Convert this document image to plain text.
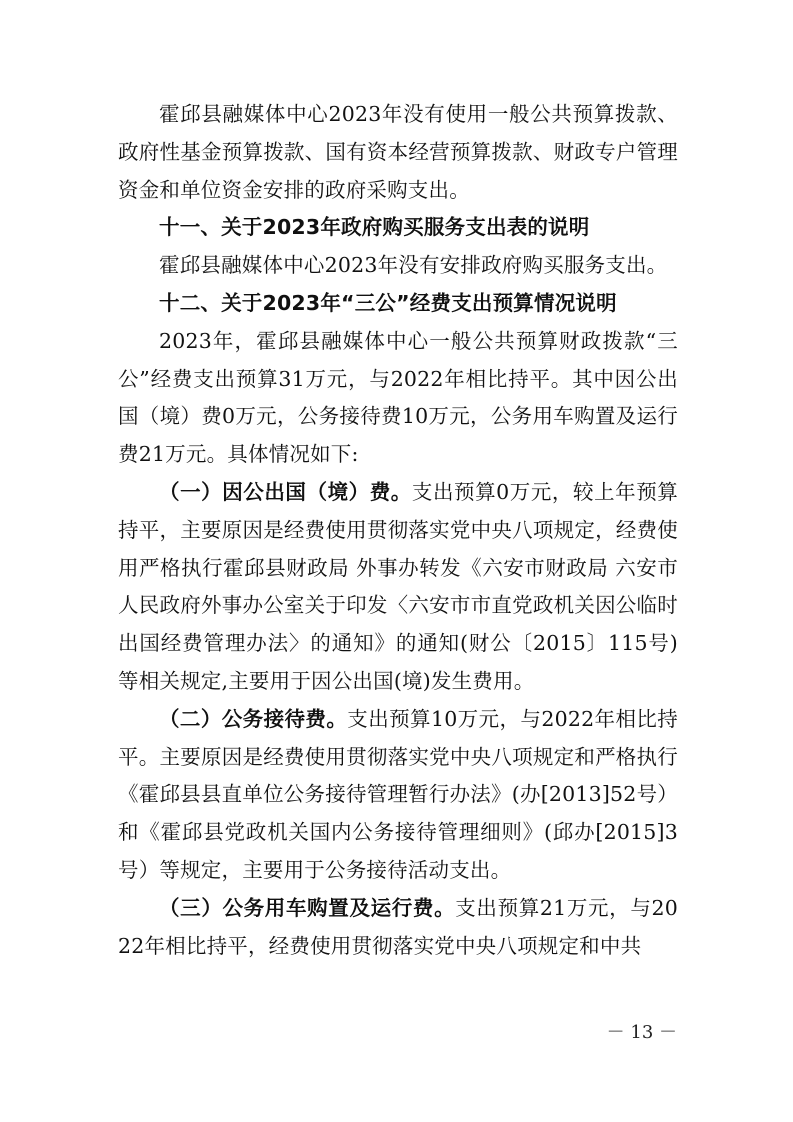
霍邱县融媒体中心2023年没有使用一般公共预算拨款、政府性基金预算拨款、国有资本经营预算拨款、财政专户管理资金和单位资金安排的政府采购支出。

十一、关于2023年政府购买服务支出表的说明

霍邱县融媒体中心2023年没有安排政府购买服务支出。

十二、关于2023年“三公”经费支出预算情况说明

2023年，霍邱县融媒体中心一般公共预算财政拨款“三公”经费支出预算31万元，与2022年相比持平。其中因公出国（境）费0万元，公务接待费10万元，公务用车购置及运行费21万元。具体情况如下:

（一）因公出国（境）费。支出预算0万元，较上年预算持平，主要原因是经费使用贯彻落实党中央八项规定，经费使用严格执行霍邱县财政局 外事办转发《六安市财政局 六安市人民政府外事办公室关于印发〈六安市市直党政机关因公临时出国经费管理办法〉的通知》的通知(财公〔2015〕115号)等相关规定,主要用于因公出国(境)发生费用。

（二）公务接待费。支出预算10万元，与2022年相比持平。主要原因是经费使用贯彻落实党中央八项规定和严格执行《霍邱县县直单位公务接待管理暂行办法》(办[2013]52号）和《霍邱县党政机关国内公务接待管理细则》(邱办[2015]3号）等规定，主要用于公务接待活动支出。

（三）公务用车购置及运行费。支出预算21万元，与2022年相比持平，经费使用贯彻落实党中央八项规定和中共

－ 13 －
